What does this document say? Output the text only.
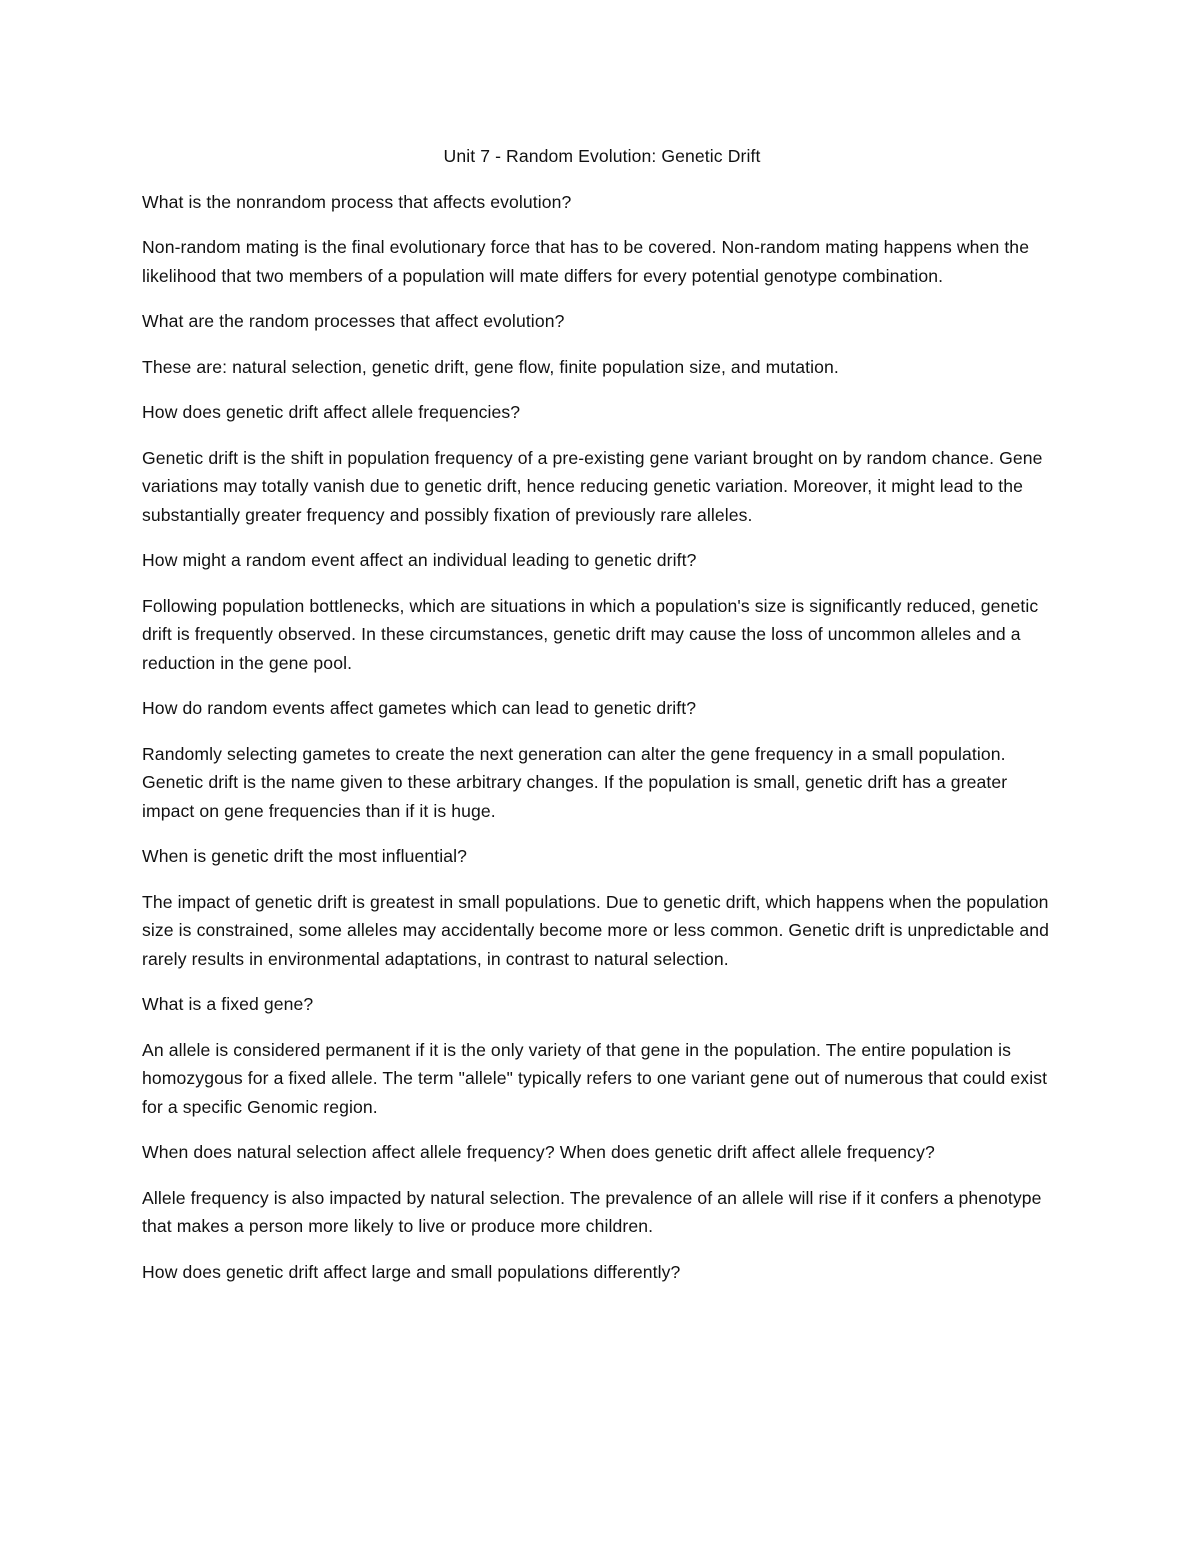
Unit 7 - Random Evolution: Genetic Drift

What is the nonrandom process that affects evolution?

Non-random mating is the final evolutionary force that has to be covered. Non-random mating happens when the likelihood that two members of a population will mate differs for every potential genotype combination.

What are the random processes that affect evolution?

These are: natural selection, genetic drift, gene flow, finite population size, and mutation.

How does genetic drift affect allele frequencies?

Genetic drift is the shift in population frequency of a pre-existing gene variant brought on by random chance. Gene variations may totally vanish due to genetic drift, hence reducing genetic variation. Moreover, it might lead to the substantially greater frequency and possibly fixation of previously rare alleles.

How might a random event affect an individual leading to genetic drift?

Following population bottlenecks, which are situations in which a population's size is significantly reduced, genetic drift is frequently observed. In these circumstances, genetic drift may cause the loss of uncommon alleles and a reduction in the gene pool.

How do random events affect gametes which can lead to genetic drift?

Randomly selecting gametes to create the next generation can alter the gene frequency in a small population. Genetic drift is the name given to these arbitrary changes. If the population is small, genetic drift has a greater impact on gene frequencies than if it is huge.

When is genetic drift the most influential?

The impact of genetic drift is greatest in small populations. Due to genetic drift, which happens when the population size is constrained, some alleles may accidentally become more or less common. Genetic drift is unpredictable and rarely results in environmental adaptations, in contrast to natural selection.

What is a fixed gene?

An allele is considered permanent if it is the only variety of that gene in the population. The entire population is homozygous for a fixed allele. The term "allele" typically refers to one variant gene out of numerous that could exist for a specific Genomic region.

When does natural selection affect allele frequency? When does genetic drift affect allele frequency?

Allele frequency is also impacted by natural selection. The prevalence of an allele will rise if it confers a phenotype that makes a person more likely to live or produce more children.

How does genetic drift affect large and small populations differently?
